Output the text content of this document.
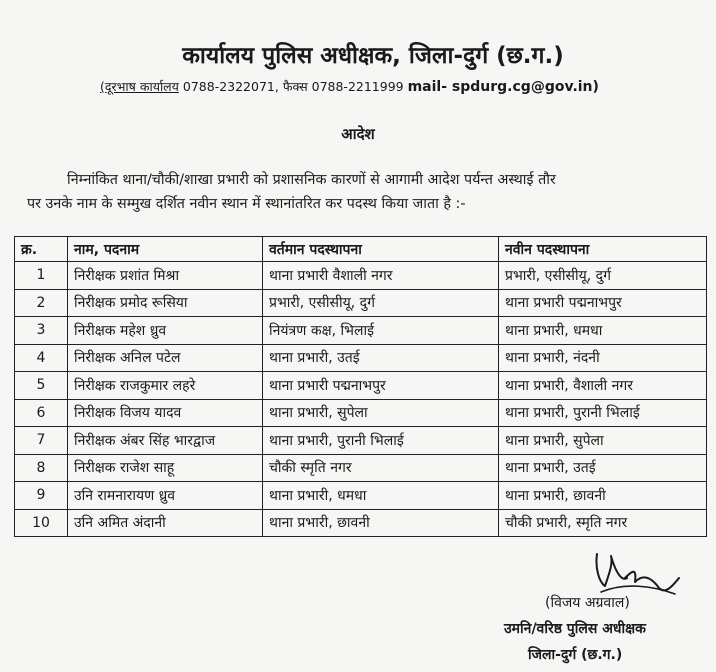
कार्यालय पुलिस अधीक्षक, जिला-दुर्ग (छ.ग.)
(दूरभाष कार्यालय 0788-2322071, फैक्स 0788-2211999 mail- spdurg.cg@gov.in)
आदेश
निम्नांकित थाना/चौकी/शाखा प्रभारी को प्रशासनिक कारणों से आगामी आदेश पर्यन्त अस्थाई तौर
पर उनके नाम के सम्मुख दर्शित नवीन स्थान में स्थानांतरित कर पदस्थ किया जाता है :-
क्र.	नाम, पदनाम	वर्तमान पदस्थापना	नवीन पदस्थापना
1	निरीक्षक प्रशांत मिश्रा	थाना प्रभारी वैशाली नगर	प्रभारी, एसीसीयू, दुर्ग
2	निरीक्षक प्रमोद रूसिया	प्रभारी, एसीसीयू, दुर्ग	थाना प्रभारी पद्मनाभपुर
3	निरीक्षक महेश ध्रुव	नियंत्रण कक्ष, भिलाई	थाना प्रभारी, धमधा
4	निरीक्षक अनिल पटेल	थाना प्रभारी, उतई	थाना प्रभारी, नंदनी
5	निरीक्षक राजकुमार लहरे	थाना प्रभारी पद्मनाभपुर	थाना प्रभारी, वैशाली नगर
6	निरीक्षक विजय यादव	थाना प्रभारी, सुपेला	थाना प्रभारी, पुरानी भिलाई
7	निरीक्षक अंबर सिंह भारद्वाज	थाना प्रभारी, पुरानी भिलाई	थाना प्रभारी, सुपेला
8	निरीक्षक राजेश साहू	चौकी स्मृति नगर	थाना प्रभारी, उतई
9	उनि रामनारायण ध्रुव	थाना प्रभारी, धमधा	थाना प्रभारी, छावनी
10	उनि अमित अंदानी	थाना प्रभारी, छावनी	चौकी प्रभारी, स्मृति नगर
(विजय अग्रवाल)
उमनि/वरिष्ठ पुलिस अधीक्षक
जिला-दुर्ग (छ.ग.)
